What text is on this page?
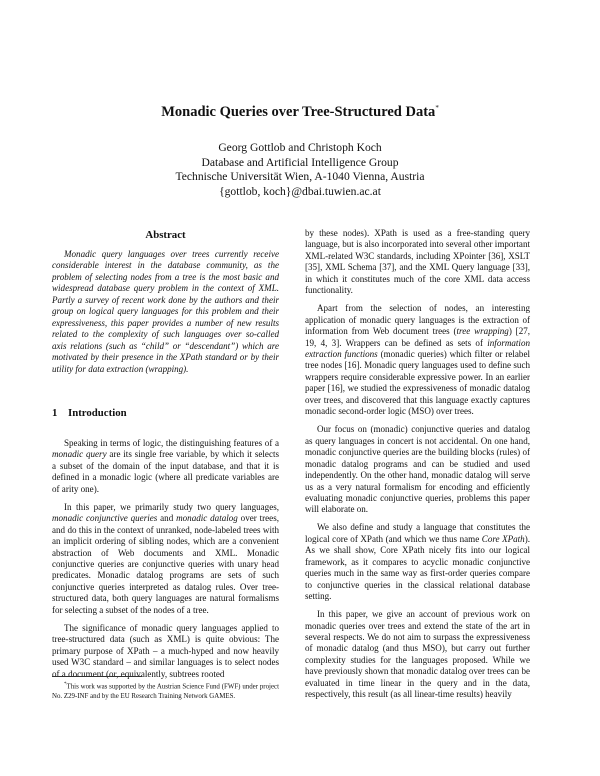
Monadic Queries over Tree-Structured Data*
Georg Gottlob and Christoph Koch
Database and Artificial Intelligence Group
Technische Universität Wien, A-1040 Vienna, Austria
{gottlob, koch}@dbai.tuwien.ac.at
Abstract
Monadic query languages over trees currently receive considerable interest in the database community, as the problem of selecting nodes from a tree is the most basic and widespread database query problem in the context of XML. Partly a survey of recent work done by the authors and their group on logical query languages for this problem and their expressiveness, this paper provides a number of new results related to the complexity of such languages over so-called axis relations (such as “child” or “descendant”) which are motivated by their presence in the XPath standard or by their utility for data extraction (wrapping).
1 Introduction

Speaking in terms of logic, the distinguishing features of a monadic query are its single free variable, by which it selects a subset of the domain of the input database, and that it is defined in a monadic logic (where all predicate variables are of arity one).

In this paper, we primarily study two query languages, monadic conjunctive queries and monadic datalog over trees, and do this in the context of unranked, node-labeled trees with an implicit ordering of sibling nodes, which are a convenient abstraction of Web documents and XML. Monadic conjunctive queries are conjunctive queries with unary head predicates. Monadic datalog programs are sets of such conjunctive queries interpreted as datalog rules. Over tree-structured data, both query languages are natural formalisms for selecting a subset of the nodes of a tree.

The significance of monadic query languages applied to tree-structured data (such as XML) is quite obvious: The primary purpose of XPath – a much-hyped and now heavily used W3C standard – and similar languages is to select nodes of a document (or, equivalently, subtrees rooted

*This work was supported by the Austrian Science Fund (FWF) under project No. Z29-INF and by the EU Research Training Network GAMES.

by these nodes). XPath is used as a free-standing query language, but is also incorporated into several other important XML-related W3C standards, including XPointer [36], XSLT [35], XML Schema [37], and the XML Query language [33], in which it constitutes much of the core XML data access functionality.

Apart from the selection of nodes, an interesting application of monadic query languages is the extraction of information from Web document trees (tree wrapping) [27, 19, 4, 3]. Wrappers can be defined as sets of information extraction functions (monadic queries) which filter or relabel tree nodes [16]. Monadic query languages used to define such wrappers require considerable expressive power. In an earlier paper [16], we studied the expressiveness of monadic datalog over trees, and discovered that this language exactly captures monadic second-order logic (MSO) over trees.

Our focus on (monadic) conjunctive queries and datalog as query languages in concert is not accidental. On one hand, monadic conjunctive queries are the building blocks (rules) of monadic datalog programs and can be studied and used independently. On the other hand, monadic datalog will serve us as a very natural formalism for encoding and efficiently evaluating monadic conjunctive queries, problems this paper will elaborate on.

We also define and study a language that constitutes the logical core of XPath (and which we thus name Core XPath). As we shall show, Core XPath nicely fits into our logical framework, as it compares to acyclic monadic conjunctive queries much in the same way as first-order queries compare to conjunctive queries in the classical relational database setting.

In this paper, we give an account of previous work on monadic queries over trees and extend the state of the art in several respects. We do not aim to surpass the expressiveness of monadic datalog (and thus MSO), but carry out further complexity studies for the languages proposed. While we have previously shown that monadic datalog over trees can be evaluated in time linear in the query and in the data, respectively, this result (as all linear-time results) heavily
